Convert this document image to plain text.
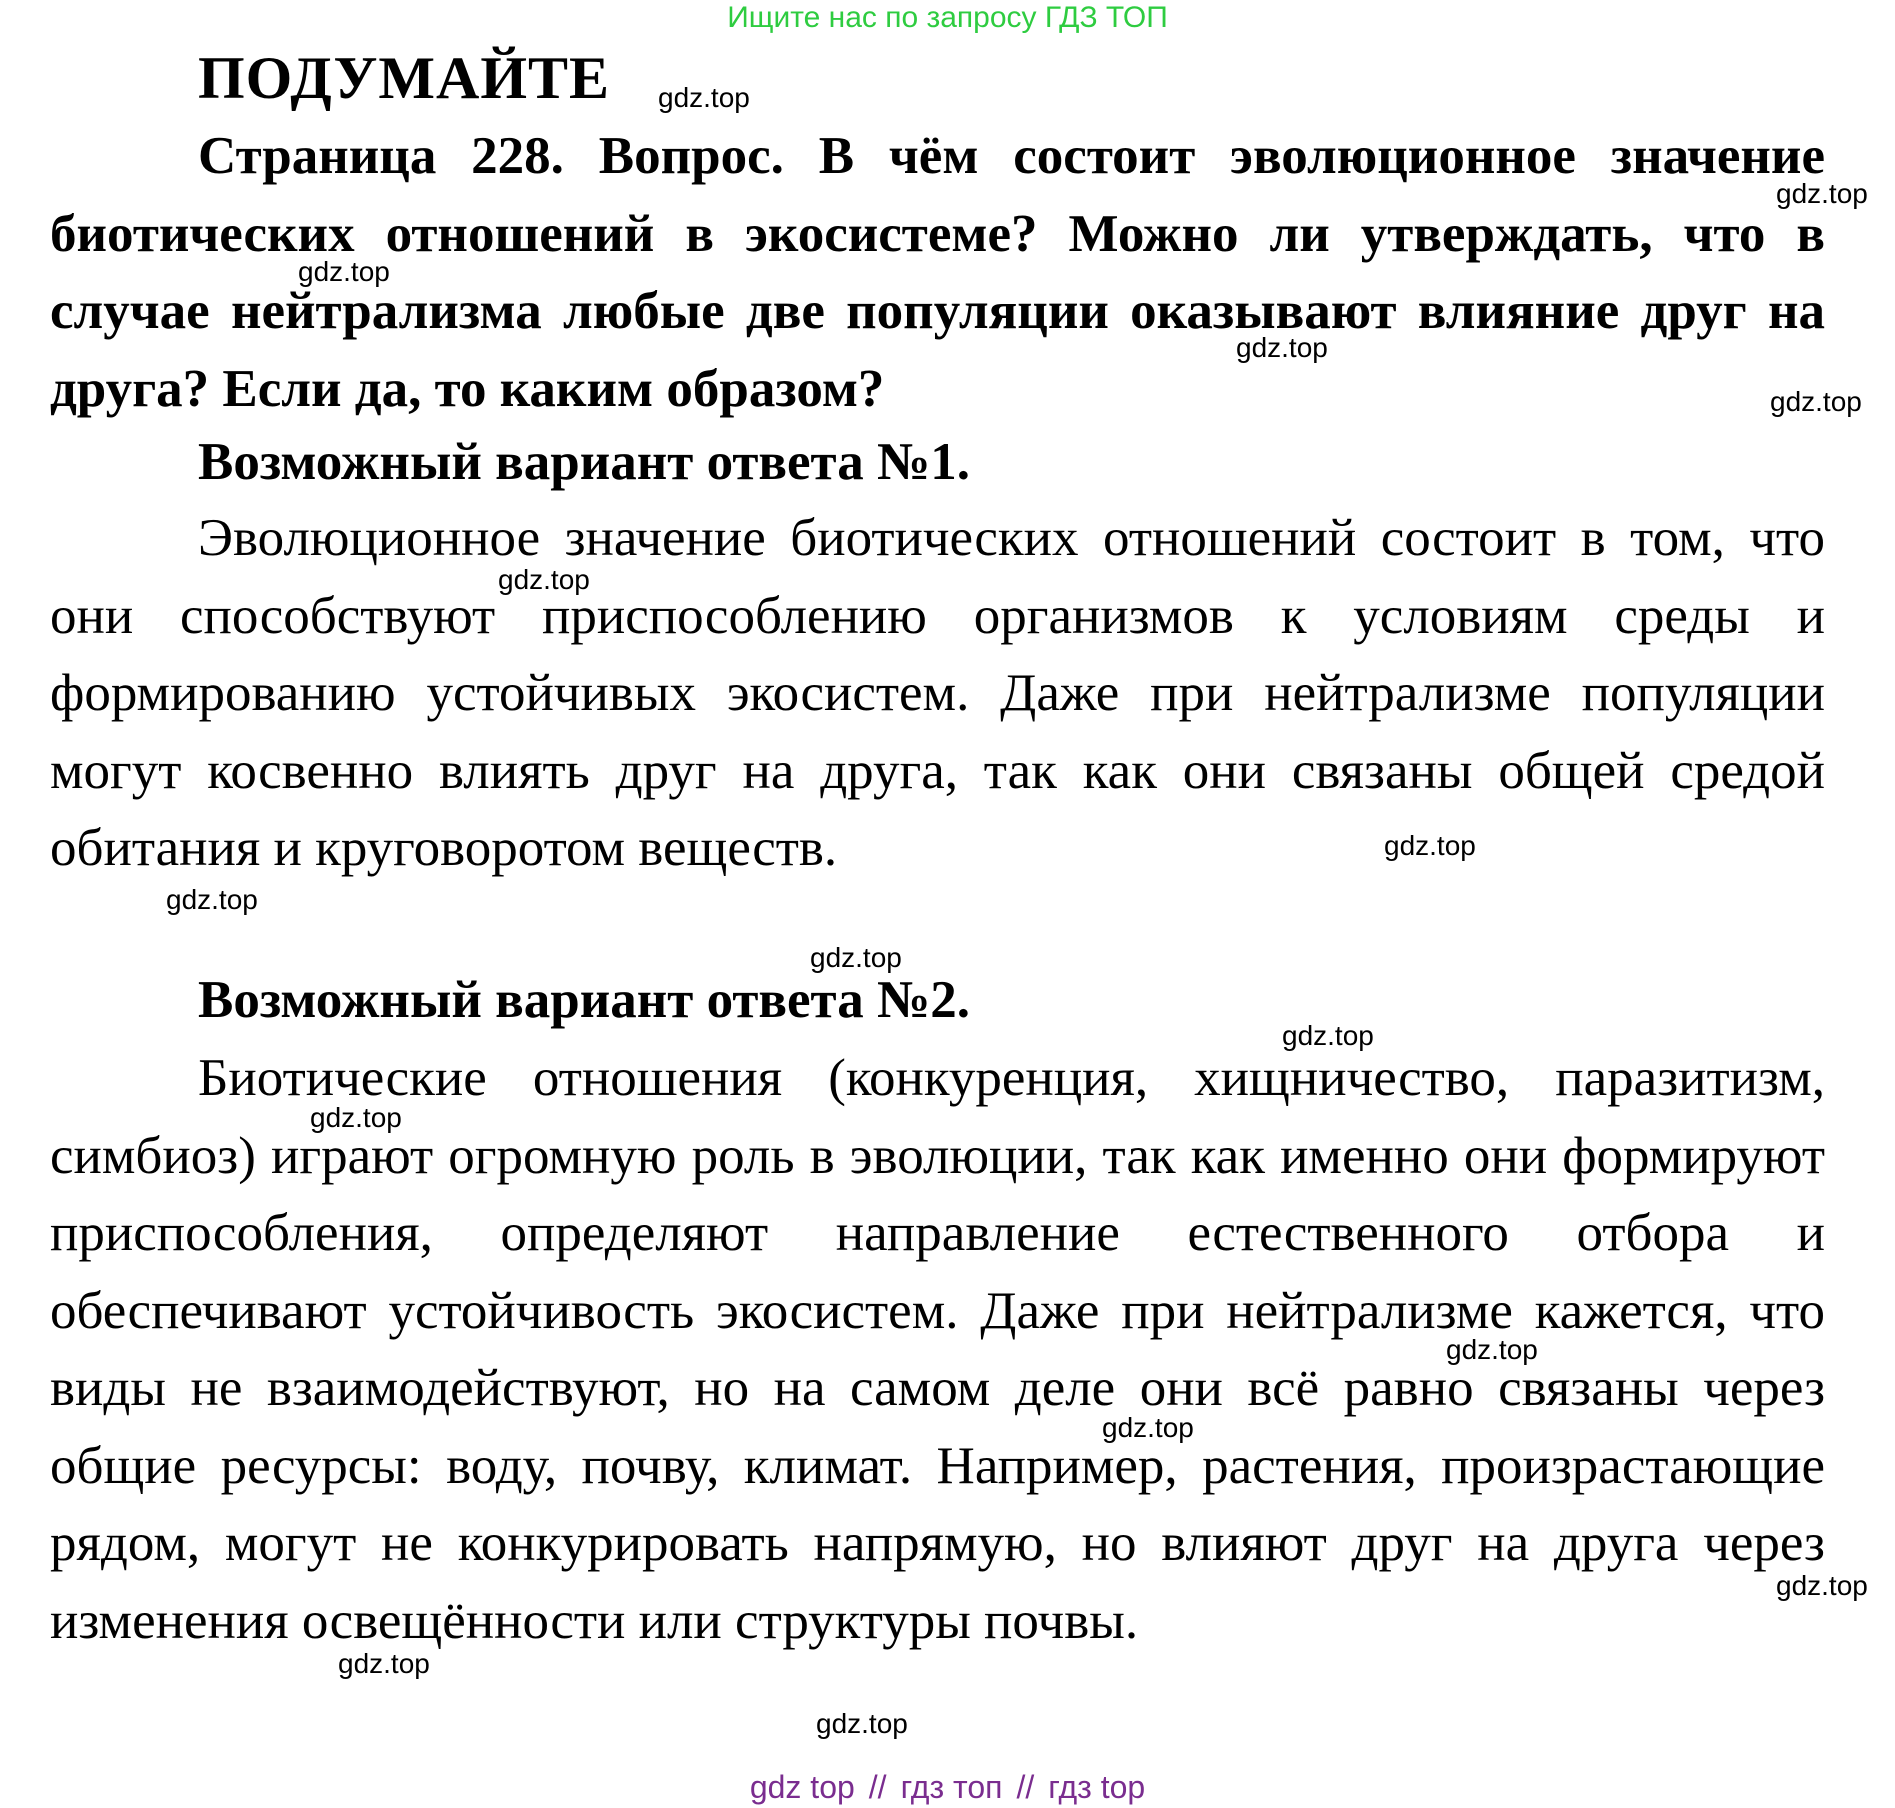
Ищите нас по запросу ГДЗ ТОП
ПОДУМАЙТЕ
Страница 228. Вопрос. В чём состоит эволюционное значение биотических отношений в экосистеме? Можно ли утверждать, что в случае нейтрализма любые две популяции оказывают влияние друг на друга? Если да, то каким образом?
Возможный вариант ответа №1.
Эволюционное значение биотических отношений состоит в том, что они способствуют приспособлению организмов к условиям среды и формированию устойчивых экосистем. Даже при нейтрализме популяции могут косвенно влиять друг на друга, так как они связаны общей средой обитания и круговоротом веществ.
Возможный вариант ответа №2.
Биотические отношения (конкуренция, хищничество, паразитизм, симбиоз) играют огромную роль в эволюции, так как именно они формируют приспособления, определяют направление естественного отбора и обеспечивают устойчивость экосистем. Даже при нейтрализме кажется, что виды не взаимодействуют, но на самом деле они всё равно связаны через общие ресурсы: воду, почву, климат. Например, растения, произрастающие рядом, могут не конкурировать напрямую, но влияют друг на друга через изменения освещённости или структуры почвы.
gdz.top
gdz.top
gdz.top
gdz.top
gdz.top
gdz.top
gdz.top
gdz.top
gdz.top
gdz.top
gdz.top
gdz.top
gdz.top
gdz.top
gdz.top
gdz.top
gdz top // гдз топ // гдз top
